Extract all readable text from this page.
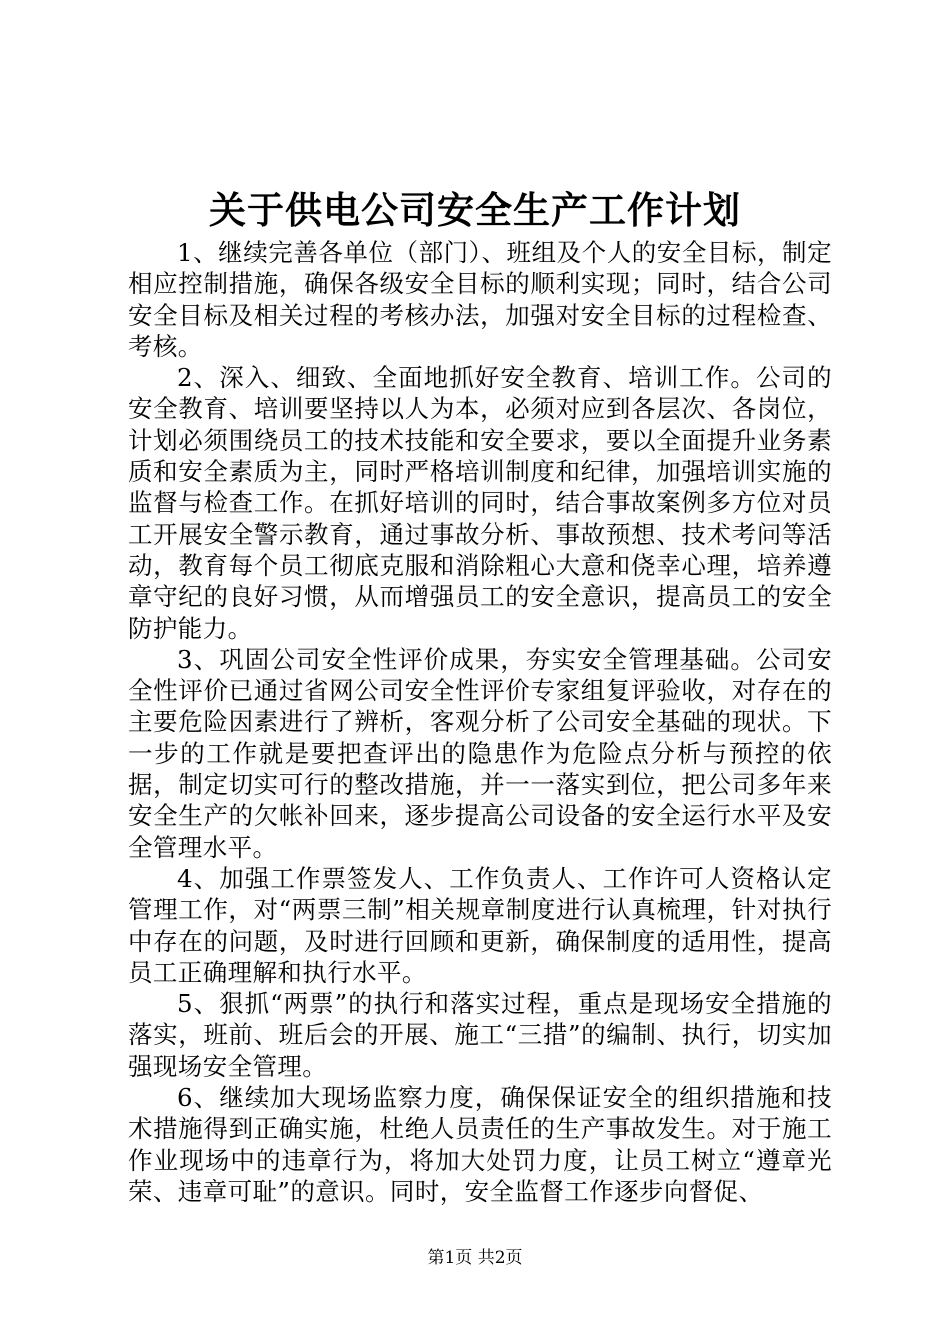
关于供电公司安全生产工作计划

1、继续完善各单位（部门）、班组及个人的安全目标，制定相应控制措施，确保各级安全目标的顺利实现；同时，结合公司安全目标及相关过程的考核办法，加强对安全目标的过程检查、考核。

2、深入、细致、全面地抓好安全教育、培训工作。公司的安全教育、培训要坚持以人为本，必须对应到各层次、各岗位，计划必须围绕员工的技术技能和安全要求，要以全面提升业务素质和安全素质为主，同时严格培训制度和纪律，加强培训实施的监督与检查工作。在抓好培训的同时，结合事故案例多方位对员工开展安全警示教育，通过事故分析、事故预想、技术考问等活动，教育每个员工彻底克服和消除粗心大意和侥幸心理，培养遵章守纪的良好习惯，从而增强员工的安全意识，提高员工的安全防护能力。

3、巩固公司安全性评价成果，夯实安全管理基础。公司安全性评价已通过省网公司安全性评价专家组复评验收，对存在的主要危险因素进行了辨析，客观分析了公司安全基础的现状。下一步的工作就是要把查评出的隐患作为危险点分析与预控的依据，制定切实可行的整改措施，并一一落实到位，把公司多年来安全生产的欠帐补回来，逐步提高公司设备的安全运行水平及安全管理水平。

4、加强工作票签发人、工作负责人、工作许可人资格认定管理工作，对“两票三制”相关规章制度进行认真梳理，针对执行中存在的问题，及时进行回顾和更新，确保制度的适用性，提高员工正确理解和执行水平。

5、狠抓“两票”的执行和落实过程，重点是现场安全措施的落实，班前、班后会的开展、施工“三措”的编制、执行，切实加强现场安全管理。

6、继续加大现场监察力度，确保保证安全的组织措施和技术措施得到正确实施，杜绝人员责任的生产事故发生。对于施工作业现场中的违章行为，将加大处罚力度，让员工树立“遵章光荣、违章可耻”的意识。同时，安全监督工作逐步向督促、

第1页 共2页
